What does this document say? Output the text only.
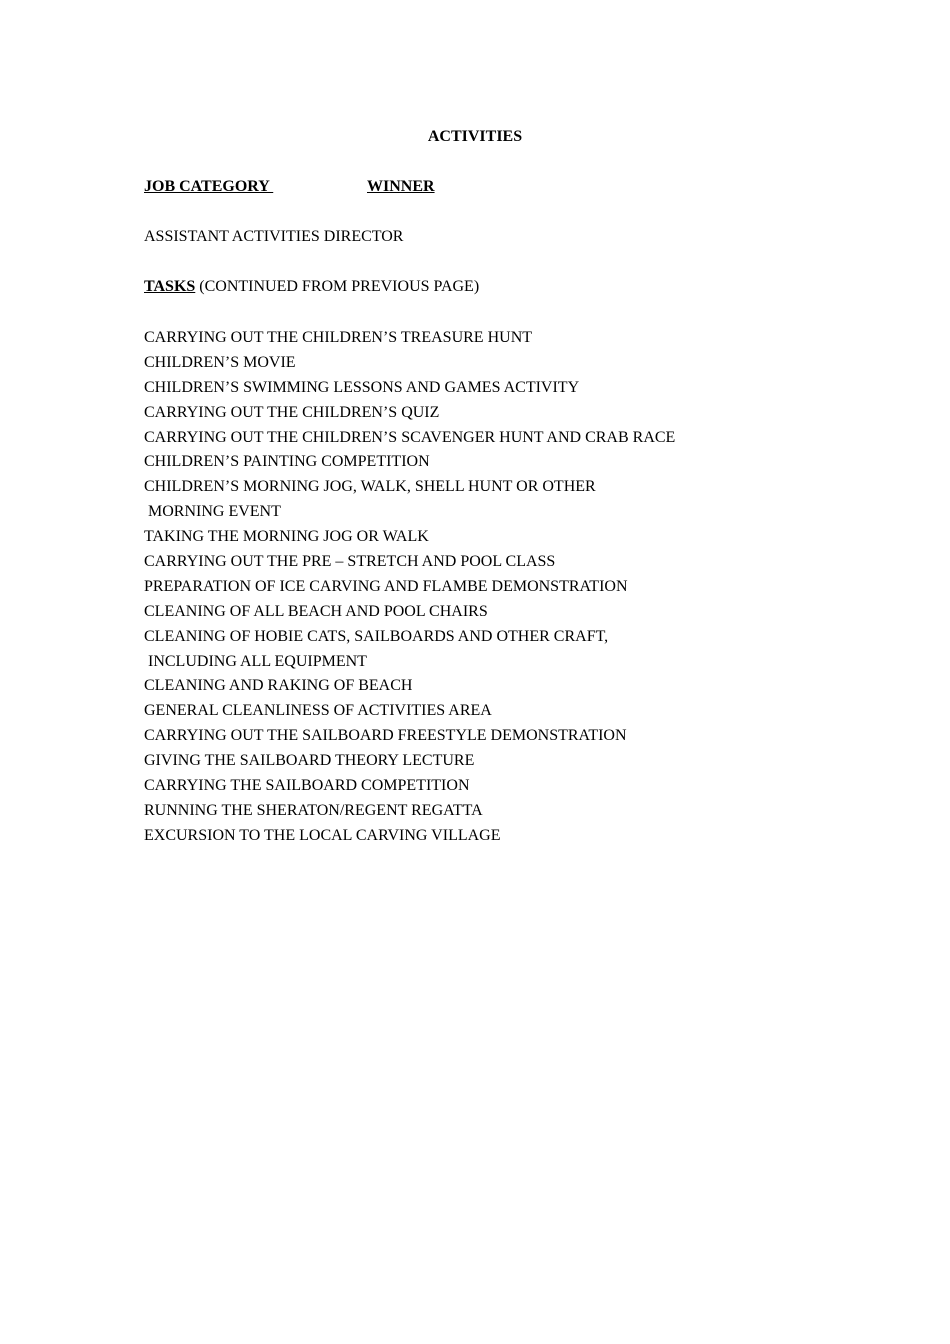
ACTIVITIES

JOB CATEGORY

	WINNER

ASSISTANT ACTIVITIES DIRECTOR
TASKS (CONTINUED FROM PREVIOUS PAGE)
CARRYING OUT THE CHILDREN’S TREASURE HUNT
CHILDREN’S MOVIE
CHILDREN’S SWIMMING LESSONS AND GAMES ACTIVITY
CARRYING OUT THE CHILDREN’S QUIZ
CARRYING OUT THE CHILDREN’S SCAVENGER HUNT AND CRAB RACE
CHILDREN’S PAINTING COMPETITION
CHILDREN’S MORNING JOG, WALK, SHELL HUNT OR OTHER
MORNING EVENT
TAKING THE MORNING JOG OR WALK
CARRYING OUT THE PRE – STRETCH AND POOL CLASS
PREPARATION OF ICE CARVING AND FLAMBE DEMONSTRATION
CLEANING OF ALL BEACH AND POOL CHAIRS
CLEANING OF HOBIE CATS, SAILBOARDS AND OTHER CRAFT,
INCLUDING ALL EQUIPMENT
CLEANING AND RAKING OF BEACH
GENERAL CLEANLINESS OF ACTIVITIES AREA
CARRYING OUT THE SAILBOARD FREESTYLE DEMONSTRATION
GIVING THE SAILBOARD THEORY LECTURE
CARRYING THE SAILBOARD COMPETITION
RUNNING THE SHERATON/REGENT REGATTA
EXCURSION TO THE LOCAL CARVING VILLAGE
